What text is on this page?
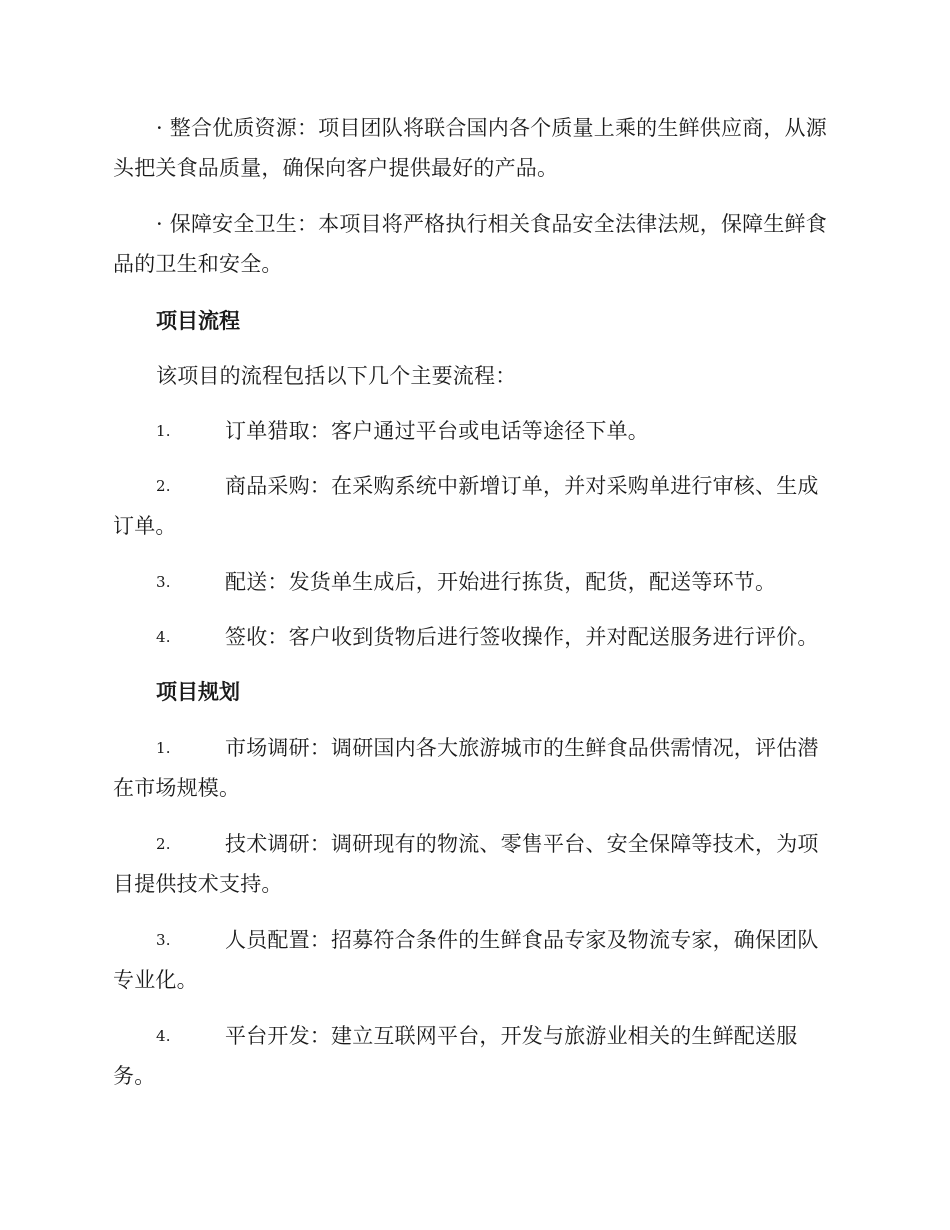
· 整合优质资源：项目团队将联合国内各个质量上乘的生鲜供应商，从源头把关食品质量，确保向客户提供最好的产品。

· 保障安全卫生：本项目将严格执行相关食品安全法律法规，保障生鲜食品的卫生和安全。

项目流程

该项目的流程包括以下几个主要流程：

1.	订单猎取：客户通过平台或电话等途径下单。

2.	商品采购：在采购系统中新增订单，并对采购单进行审核、生成订单。

3.	配送：发货单生成后，开始进行拣货，配货，配送等环节。

4.	签收：客户收到货物后进行签收操作，并对配送服务进行评价。

项目规划

1.	市场调研：调研国内各大旅游城市的生鲜食品供需情况，评估潜在市场规模。

2.	技术调研：调研现有的物流、零售平台、安全保障等技术，为项目提供技术支持。

3.	人员配置：招募符合条件的生鲜食品专家及物流专家，确保团队专业化。

4.	平台开发：建立互联网平台，开发与旅游业相关的生鲜配送服务。
